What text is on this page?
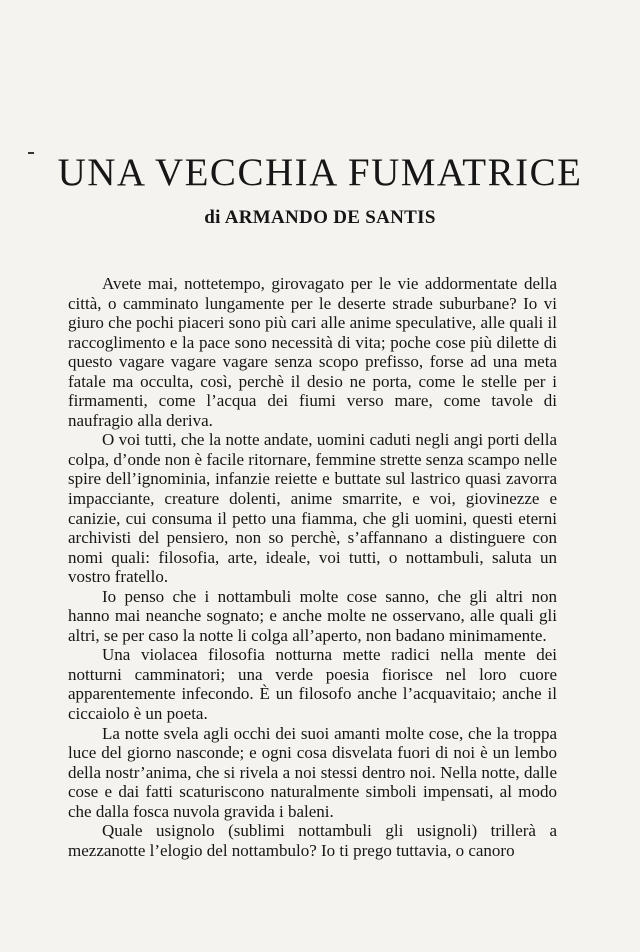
UNA VECCHIA FUMATRICE
di ARMANDO DE SANTIS

Avete mai, nottetempo, girovagato per le vie addormentate della città, o camminato lungamente per le deserte strade suburbane? Io vi giuro che pochi piaceri sono più cari alle anime speculative, alle quali il raccoglimento e la pace sono necessità di vita; poche cose più dilette di questo vagare vagare vagare senza scopo prefisso, forse ad una meta fatale ma occulta, così, perchè il desio ne porta, come le stelle per i firmamenti, come l’acqua dei fiumi verso mare, come tavole di naufragio alla deriva.

O voi tutti, che la notte andate, uomini caduti negli angi porti della colpa, d’onde non è facile ritornare, femmine strette senza scampo nelle spire dell’ignominia, infanzie reiette e buttate sul lastrico quasi zavorra impacciante, creature dolenti, anime smarrite, e voi, giovinezze e canizie, cui consuma il petto una fiamma, che gli uomini, questi eterni archivisti del pensiero, non so perchè, s’affannano a distinguere con nomi quali: filosofia, arte, ideale, voi tutti, o nottambuli, saluta un vostro fratello.

Io penso che i nottambuli molte cose sanno, che gli altri non hanno mai neanche sognato; e anche molte ne osservano, alle quali gli altri, se per caso la notte li colga all’aperto, non badano minimamente.

Una violacea filosofia notturna mette radici nella mente dei notturni camminatori; una verde poesia fiorisce nel loro cuore apparentemente infecondo. È un filosofo anche l’acquavitaio; anche il ciccaiolo è un poeta.

La notte svela agli occhi dei suoi amanti molte cose, che la troppa luce del giorno nasconde; e ogni cosa disvelata fuori di noi è un lembo della nostr’anima, che si rivela a noi stessi dentro noi. Nella notte, dalle cose e dai fatti scaturiscono naturalmente simboli impensati, al modo che dalla fosca nuvola gravida i baleni.

Quale usignolo (sublimi nottambuli gli usignoli) trillerà a mezzanotte l’elogio del nottambulo? Io ti prego tuttavia, o canoro
